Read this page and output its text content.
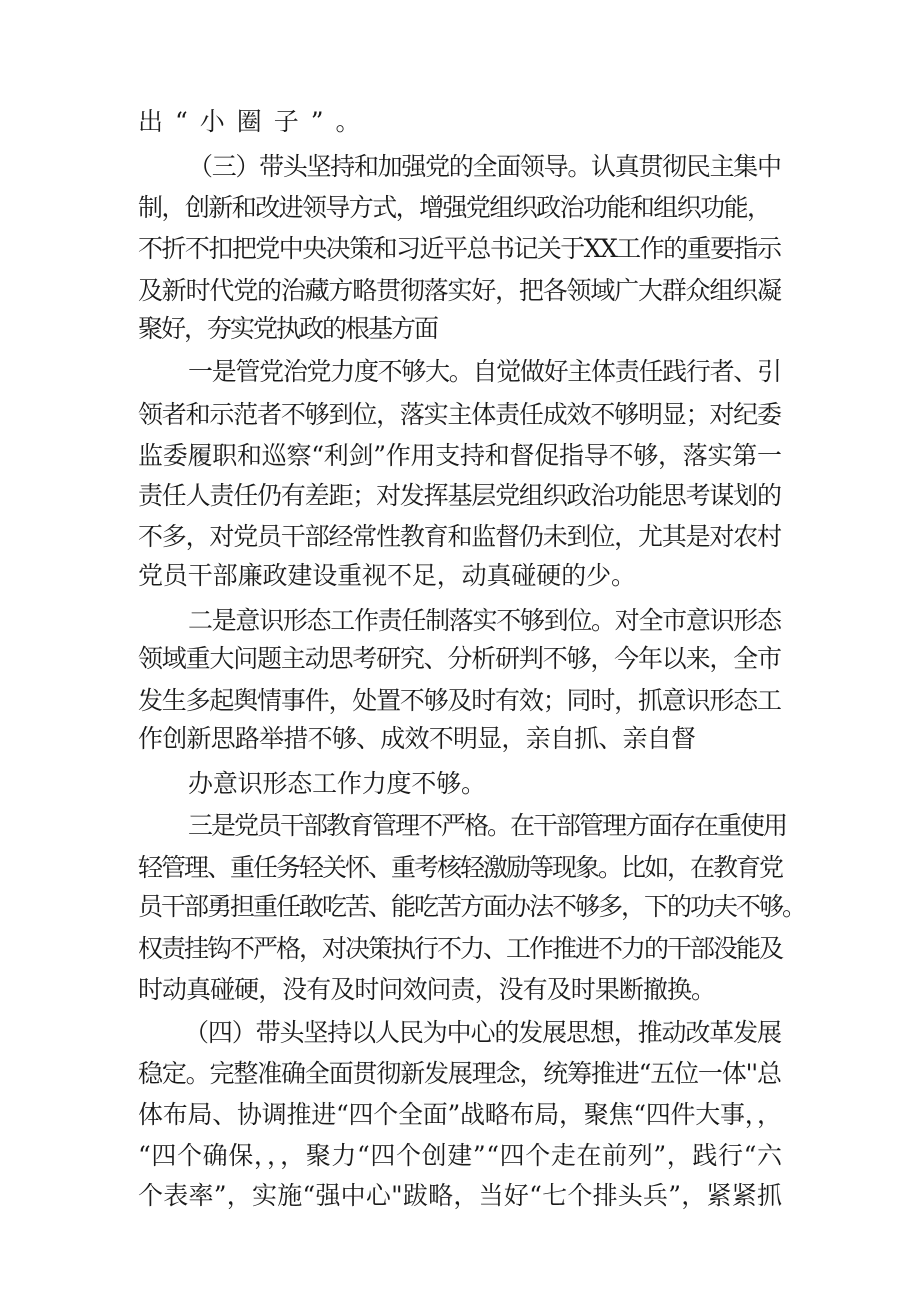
出“小圈子”。
（三）带头坚持和加强党的全面领导。认真贯彻民主集中
制，创新和改进领导方式，增强党组织政治功能和组织功能，
不折不扣把党中央决策和习近平总书记关于XX工作的重要指示
及新时代党的治藏方略贯彻落实好，把各领域广大群众组织凝
聚好，夯实党执政的根基方面
一是管党治党力度不够大。自觉做好主体责任践行者、引
领者和示范者不够到位，落实主体责任成效不够明显；对纪委
监委履职和巡察“利剑”作用支持和督促指导不够，落实第一
责任人责任仍有差距；对发挥基层党组织政治功能思考谋划的
不多，对党员干部经常性教育和监督仍未到位，尤其是对农村
党员干部廉政建设重视不足，动真碰硬的少。
二是意识形态工作责任制落实不够到位。对全市意识形态
领域重大问题主动思考研究、分析研判不够，今年以来，全市
发生多起舆情事件，处置不够及时有效；同时，抓意识形态工
作创新思路举措不够、成效不明显，亲自抓、亲自督
办意识形态工作力度不够。
三是党员干部教育管理不严格。在干部管理方面存在重使用
轻管理、重任务轻关怀、重考核轻激励等现象。比如，在教育党
员干部勇担重任敢吃苦、能吃苦方面办法不够多，下的功夫不够。
权责挂钩不严格，对决策执行不力、工作推进不力的干部没能及
时动真碰硬，没有及时问效问责，没有及时果断撤换。
（四）带头坚持以人民为中心的发展思想，推动改革发展
稳定。完整准确全面贯彻新发展理念，统筹推进“五位一体''总
体布局、协调推进“四个全面”战略布局，聚焦“四件大事，，
“四个确保，，，聚力“四个创建”“四个走在前列”，践行“六
个表率”，实施“强中心"跋略，当好“七个排头兵”，紧紧抓
